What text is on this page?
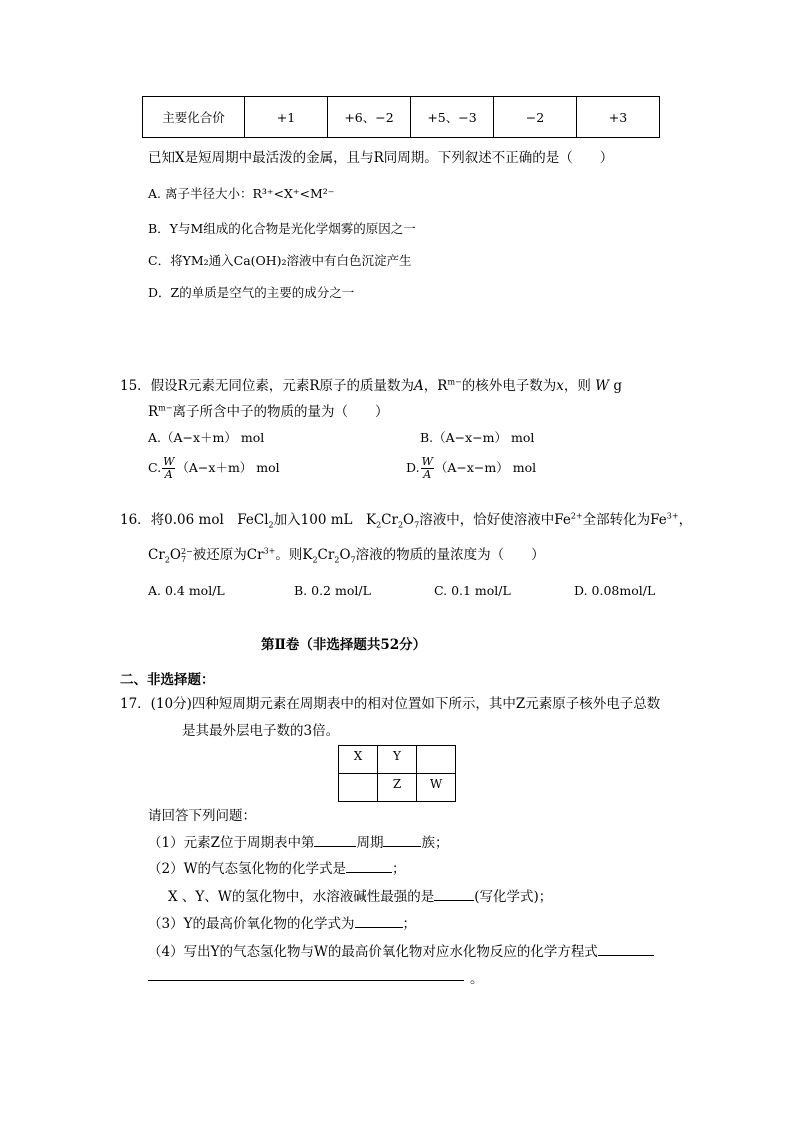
主要化合价	+1	+6、−2	+5、−3	−2	+3
已知X是短周期中最活泼的金属，且与R同周期。下列叙述不正确的是（　　）
A. 离子半径大小：R³⁺<X⁺<M²⁻
B．Y与M组成的化合物是光化学烟雾的原因之一
C．将YM₂通入Ca(OH)₂溶液中有白色沉淀产生
D．Z的单质是空气的主要的成分之一
15．假设R元素无同位素，元素R原子的质量数为A，$R^{m-}$的核外电子数为x，则 W g
$R^{m-}$离子所含中子的物质的量为（　　）
A.（A−x＋m） mol	B.（A−x−m） mol
C. $\frac{W}{A} (A-x+m)$ mol	D. $\frac{W}{A} (A-x-m)$ mol
16．将0.06 mol　FeCl$_2$加入100 mL　$K_2Cr_2O_7$溶液中，恰好使溶液中$Fe^{2+}$全部转化为$Fe^{3+}$，
$Cr_2O$ 2−
7 被还原为$Cr^{3+}$。则$K_2Cr_2O_7$溶液的物质的量浓度为（　　）
A. 0.4 mol/L	B. 0.2 mol/L	C. 0.1 mol/L	D. 0.08mol/L
第Ⅱ卷（非选择题共52分）
二、非选择题：
17．(10分)四种短周期元素在周期表中的相对位置如下所示，其中Z元素原子核外电子总数
是其最外层电子数的3倍。
X	Y	
	Z	W
请回答下列问题：
（1）元素Z位于周期表中第	周期	族；
（2）W的气态氢化物的化学式是	；
X 、Y、W的氢化物中，水溶液碱性最强的是	(写化学式)；
（3）Y的最高价氧化物的化学式为	；
（4）写出Y的气态氢化物与W的最高价氧化物对应水化物反应的化学方程式
。
